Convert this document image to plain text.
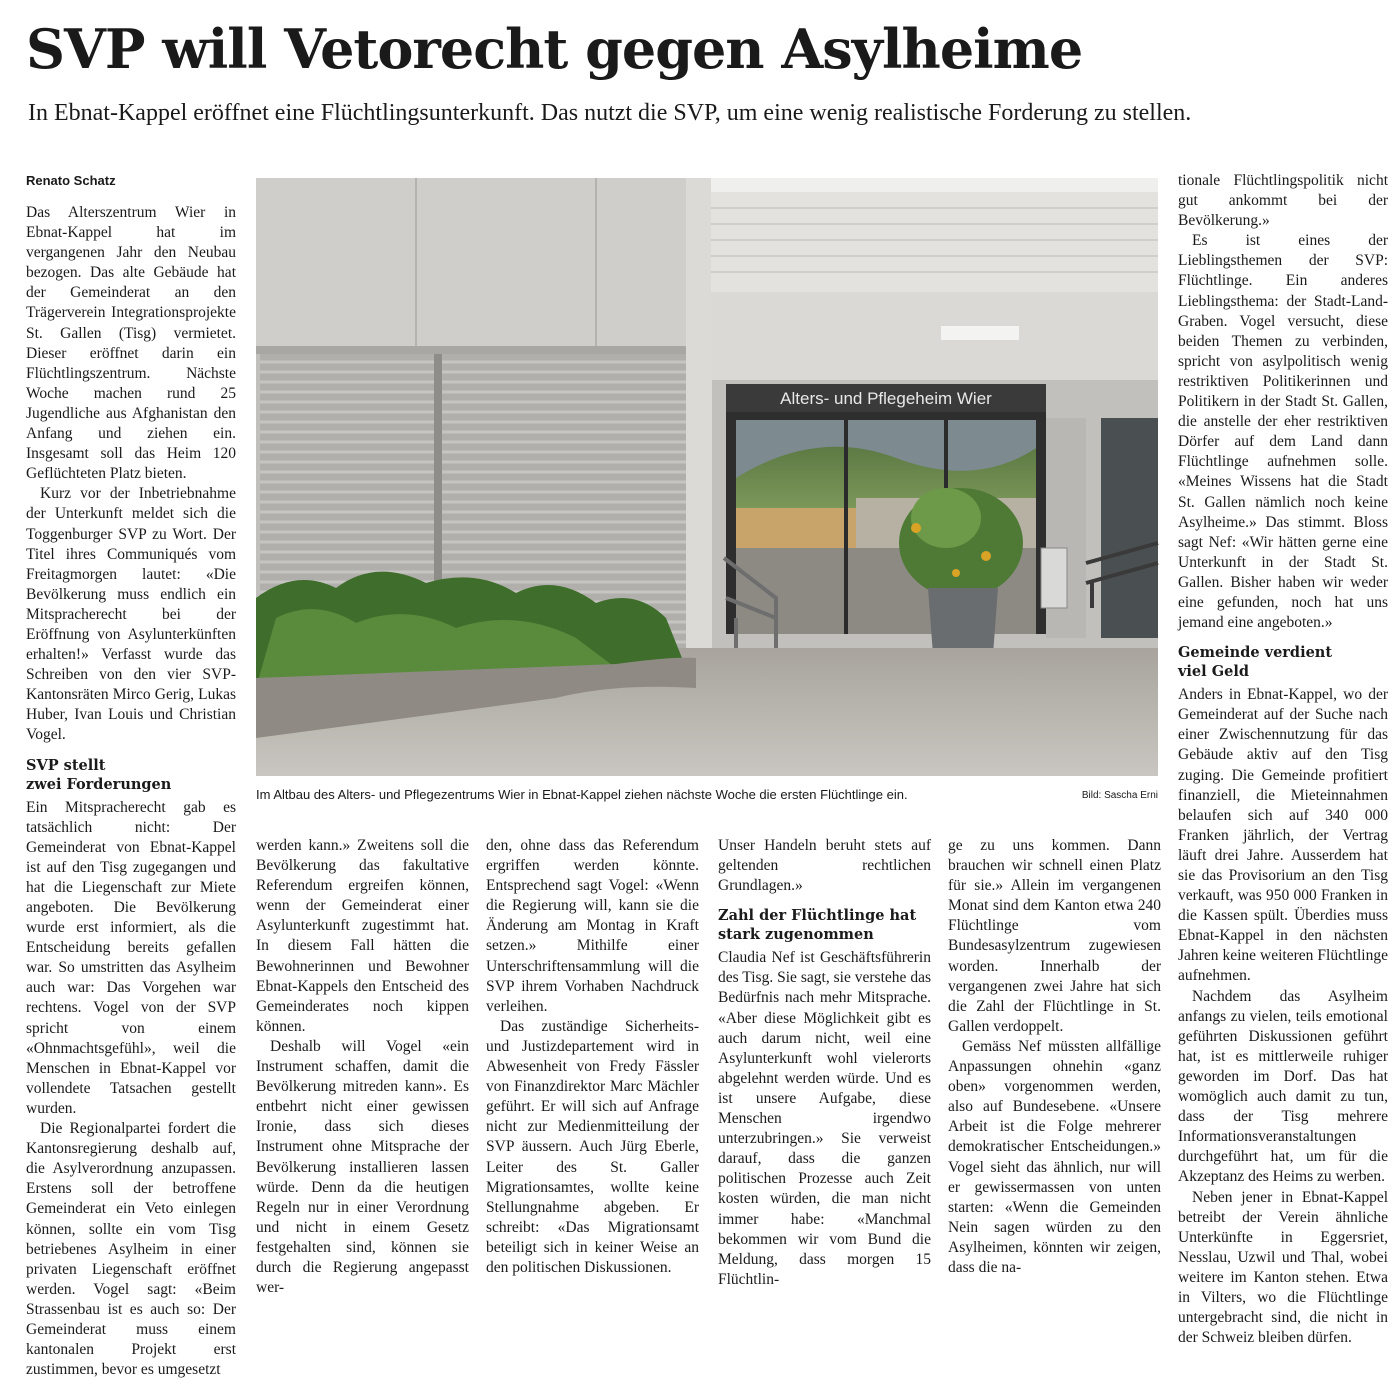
SVP will Vetorecht gegen Asylheime

In Ebnat-Kappel eröffnet eine Flüchtlingsunterkunft. Das nutzt die SVP, um eine wenig realistische Forderung zu stellen.

Renato Schatz

Das Alterszentrum Wier in Ebnat-Kappel hat im vergangenen Jahr den Neubau bezogen. Das alte Gebäude hat der Gemeinderat an den Trägerverein Integrationsprojekte St. Gallen (Tisg) vermietet. Dieser eröffnet darin ein Flüchtlingszentrum. Nächste Woche machen rund 25 Jugendliche aus Afghanistan den Anfang und ziehen ein. Insgesamt soll das Heim 120 Geflüchteten Platz bieten.

Kurz vor der Inbetriebnahme der Unterkunft meldet sich die Toggenburger SVP zu Wort. Der Titel ihres Communiqués vom Freitagmorgen lautet: «Die Bevölkerung muss endlich ein Mitspracherecht bei der Eröffnung von Asylunterkünften erhalten!» Verfasst wurde das Schreiben von den vier SVP-Kantonsräten Mirco Gerig, Lukas Huber, Ivan Louis und Christian Vogel.

SVP stellt
zwei Forderungen

Ein Mitspracherecht gab es tatsächlich nicht: Der Gemeinderat von Ebnat-Kappel ist auf den Tisg zugegangen und hat die Liegenschaft zur Miete angeboten. Die Bevölkerung wurde erst informiert, als die Entscheidung bereits gefallen war. So umstritten das Asylheim auch war: Das Vorgehen war rechtens. Vogel von der SVP spricht von einem «Ohnmachtsgefühl», weil die Menschen in Ebnat-Kappel vor vollendete Tatsachen gestellt wurden.

Die Regionalpartei fordert die Kantonsregierung deshalb auf, die Asylverordnung anzupassen. Erstens soll der betroffene Gemeinderat ein Veto einlegen können, sollte ein vom Tisg betriebenes Asylheim in einer privaten Liegenschaft eröffnet werden. Vogel sagt: «Beim Strassenbau ist es auch so: Der Gemeinderat muss einem kantonalen Projekt erst zustimmen, bevor es umgesetzt

Alters- und Pflegeheim Wier
Im Altbau des Alters- und Pflegezentrums Wier in Ebnat-Kappel ziehen nächste Woche die ersten Flüchtlinge ein.	Bild: Sascha Erni

werden kann.» Zweitens soll die Bevölkerung das fakultative Referendum ergreifen können, wenn der Gemeinderat einer Asylunterkunft zugestimmt hat. In diesem Fall hätten die Bewohnerinnen und Bewohner Ebnat-Kappels den Entscheid des Gemeinderates noch kippen können.

Deshalb will Vogel «ein Instrument schaffen, damit die Bevölkerung mitreden kann». Es entbehrt nicht einer gewissen Ironie, dass sich dieses Instrument ohne Mitsprache der Bevölkerung installieren lassen würde. Denn da die heutigen Regeln nur in einer Verordnung und nicht in einem Gesetz festgehalten sind, können sie durch die Regierung angepasst wer-

den, ohne dass das Referendum ergriffen werden könnte. Entsprechend sagt Vogel: «Wenn die Regierung will, kann sie die Änderung am Montag in Kraft setzen.» Mithilfe einer Unterschriftensammlung will die SVP ihrem Vorhaben Nachdruck verleihen.

Das zuständige Sicherheits- und Justizdepartement wird in Abwesenheit von Fredy Fässler von Finanzdirektor Marc Mächler geführt. Er will sich auf Anfrage nicht zur Medienmitteilung der SVP äussern. Auch Jürg Eberle, Leiter des St. Galler Migrationsamtes, wollte keine Stellungnahme abgeben. Er schreibt: «Das Migrationsamt beteiligt sich in keiner Weise an den politischen Diskussionen.

Unser Handeln beruht stets auf geltenden rechtlichen Grundlagen.»

Zahl der Flüchtlinge hat
stark zugenommen

Claudia Nef ist Geschäftsführerin des Tisg. Sie sagt, sie verstehe das Bedürfnis nach mehr Mitsprache. «Aber diese Möglichkeit gibt es auch darum nicht, weil eine Asylunterkunft wohl vielerorts abgelehnt werden würde. Und es ist unsere Aufgabe, diese Menschen irgendwo unterzubringen.» Sie verweist darauf, dass die ganzen politischen Prozesse auch Zeit kosten würden, die man nicht immer habe: «Manchmal bekommen wir vom Bund die Meldung, dass morgen 15 Flüchtlin-

ge zu uns kommen. Dann brauchen wir schnell einen Platz für sie.» Allein im vergangenen Monat sind dem Kanton etwa 240 Flüchtlinge vom Bundesasylzentrum zugewiesen worden. Innerhalb der vergangenen zwei Jahre hat sich die Zahl der Flüchtlinge in St. Gallen verdoppelt.

Gemäss Nef müssten allfällige Anpassungen ohnehin «ganz oben» vorgenommen werden, also auf Bundesebene. «Unsere Arbeit ist die Folge mehrerer demokratischer Entscheidungen.» Vogel sieht das ähnlich, nur will er gewissermassen von unten starten: «Wenn die Gemeinden Nein sagen würden zu den Asylheimen, könnten wir zeigen, dass die na-

tionale Flüchtlingspolitik nicht gut ankommt bei der Bevölkerung.»

Es ist eines der Lieblingsthemen der SVP: Flüchtlinge. Ein anderes Lieblingsthema: der Stadt-Land-Graben. Vogel versucht, diese beiden Themen zu verbinden, spricht von asylpolitisch wenig restriktiven Politikerinnen und Politikern in der Stadt St. Gallen, die anstelle der eher restriktiven Dörfer auf dem Land dann Flüchtlinge aufnehmen solle. «Meines Wissens hat die Stadt St. Gallen nämlich noch keine Asylheime.» Das stimmt. Bloss sagt Nef: «Wir hätten gerne eine Unterkunft in der Stadt St. Gallen. Bisher haben wir weder eine gefunden, noch hat uns jemand eine angeboten.»

Gemeinde verdient
viel Geld

Anders in Ebnat-Kappel, wo der Gemeinderat auf der Suche nach einer Zwischennutzung für das Gebäude aktiv auf den Tisg zuging. Die Gemeinde profitiert finanziell, die Mieteinnahmen belaufen sich auf 340 000 Franken jährlich, der Vertrag läuft drei Jahre. Ausserdem hat sie das Provisorium an den Tisg verkauft, was 950 000 Franken in die Kassen spült. Überdies muss Ebnat-Kappel in den nächsten Jahren keine weiteren Flüchtlinge aufnehmen.

Nachdem das Asylheim anfangs zu vielen, teils emotional geführten Diskussionen geführt hat, ist es mittlerweile ruhiger geworden im Dorf. Das hat womöglich auch damit zu tun, dass der Tisg mehrere Informationsveranstaltungen durchgeführt hat, um für die Akzeptanz des Heims zu werben.

Neben jener in Ebnat-Kappel betreibt der Verein ähnliche Unterkünfte in Eggersriet, Nesslau, Uzwil und Thal, wobei weitere im Kanton stehen. Etwa in Vilters, wo die Flüchtlinge untergebracht sind, die nicht in der Schweiz bleiben dürfen.
